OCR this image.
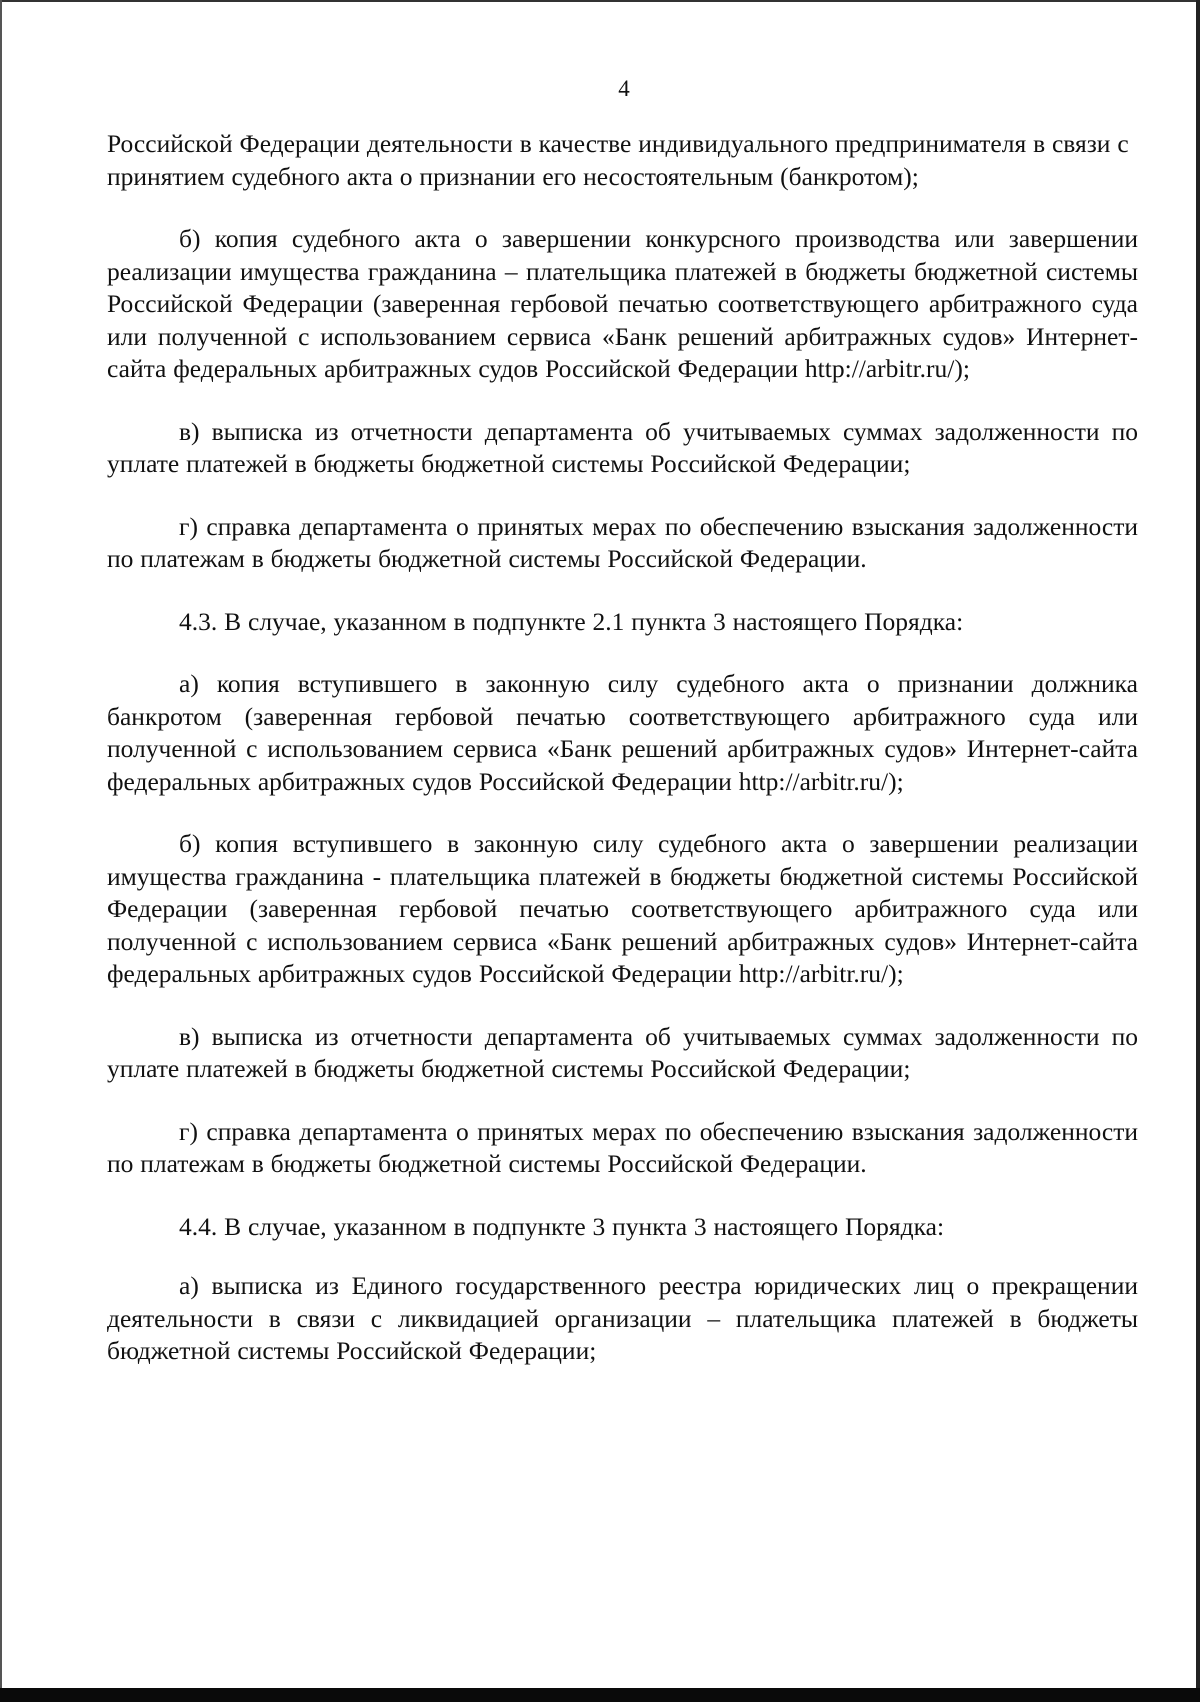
4

Российской Федерации деятельности в качестве индивидуального предпринимателя в связи с принятием судебного акта о признании его несостоятельным (банкротом);

б) копия судебного акта о завершении конкурсного производства или завершении реализации имущества гражданина – плательщика платежей в бюджеты бюджетной системы Российской Федерации (заверенная гербовой печатью соответствующего арбитражного суда или полученной с использованием сервиса «Банк решений арбитражных судов» Интернет-сайта федеральных арбитражных судов Российской Федерации http://arbitr.ru/);

в) выписка из отчетности департамента об учитываемых суммах задолженности по уплате платежей в бюджеты бюджетной системы Российской Федерации;

г) справка департамента о принятых мерах по обеспечению взыскания задолженности по платежам в бюджеты бюджетной системы Российской Федерации.

4.3. В случае, указанном в подпункте 2.1 пункта 3 настоящего Порядка:

а) копия вступившего в законную силу судебного акта о признании должника банкротом (заверенная гербовой печатью соответствующего арбитражного суда или полученной с использованием сервиса «Банк решений арбитражных судов» Интернет-сайта федеральных арбитражных судов Российской Федерации http://arbitr.ru/);

б) копия вступившего в законную силу судебного акта о завершении реализации имущества гражданина - плательщика платежей в бюджеты бюджетной системы Российской Федерации (заверенная гербовой печатью соответствующего арбитражного суда или полученной с использованием сервиса «Банк решений арбитражных судов» Интернет-сайта федеральных арбитражных судов Российской Федерации http://arbitr.ru/);

в) выписка из отчетности департамента об учитываемых суммах задолженности по уплате платежей в бюджеты бюджетной системы Российской Федерации;

г) справка департамента о принятых мерах по обеспечению взыскания задолженности по платежам в бюджеты бюджетной системы Российской Федерации.

4.4. В случае, указанном в подпункте 3 пункта 3 настоящего Порядка:

а) выписка из Единого государственного реестра юридических лиц о прекращении деятельности в связи с ликвидацией организации – плательщика платежей в бюджеты бюджетной системы Российской Федерации;
